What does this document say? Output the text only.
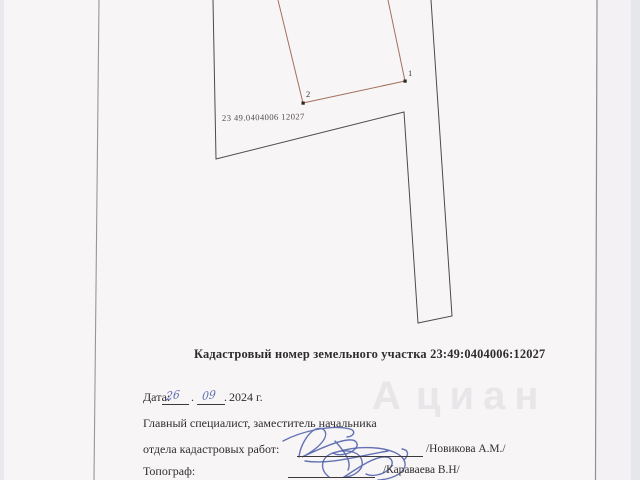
А циан
2
1
23 49.0404006 12027
Кадастровый номер земельного участка 23:49:0404006:12027
Дата:
26 . 09 . 2024 г.
Главный специалист, заместитель начальника
отдела кадастровых работ:	/Новикова А.М./
Топограф:	/Караваева В.Н/
